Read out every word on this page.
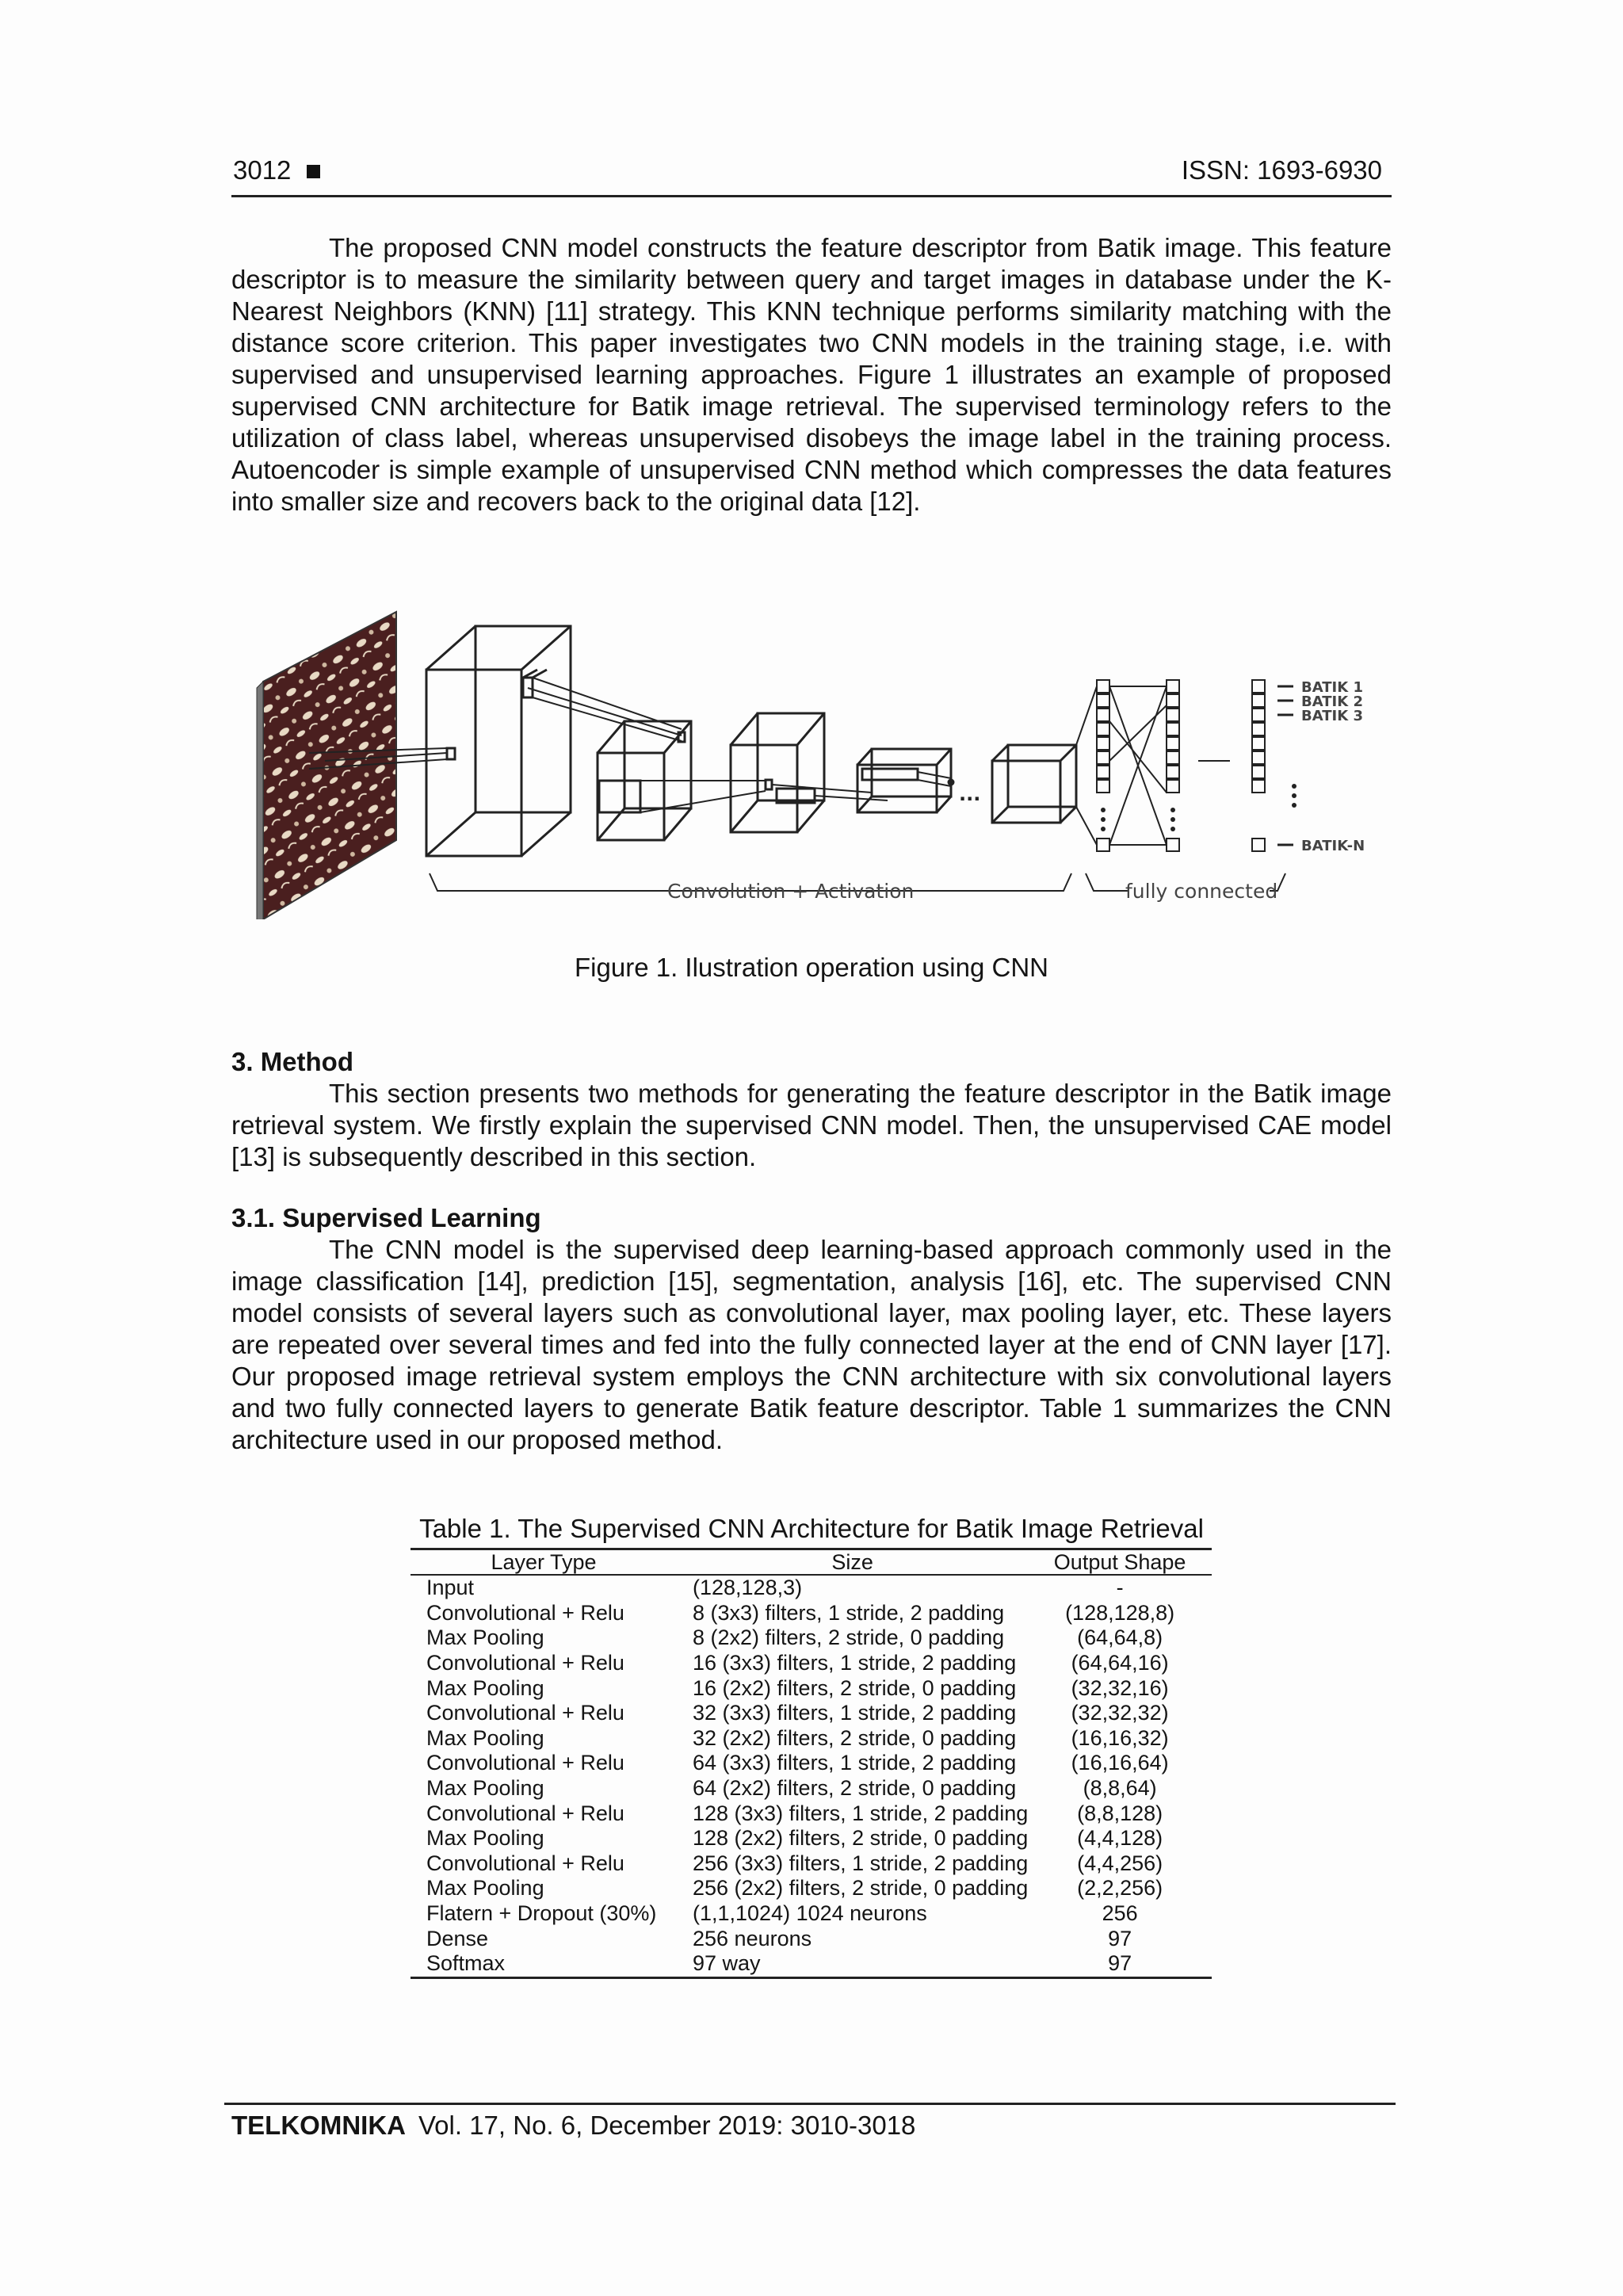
3012	ISSN: 1693-6930

The proposed CNN model constructs the feature descriptor from Batik image. This feature descriptor is to measure the similarity between query and target images in database under the K-Nearest Neighbors (KNN) [11] strategy. This KNN technique performs similarity matching with the distance score criterion. This paper investigates two CNN models in the training stage, i.e. with supervised and unsupervised learning approaches. Figure 1 illustrates an example of proposed supervised CNN architecture for Batik image retrieval. The supervised terminology refers to the utilization of class label, whereas unsupervised disobeys the image label in the training process. Autoencoder is simple example of unsupervised CNN method which compresses the data features into smaller size and recovers back to the original data [12].

...
Convolution + Activation	fully connected
BATIK 1
BATIK 2
BATIK 3
BATIK-N
Figure 1. Ilustration operation using CNN
3. Method

This section presents two methods for generating the feature descriptor in the Batik image retrieval system. We firstly explain the supervised CNN model. Then, the unsupervised CAE model [13] is subsequently described in this section.

3.1. Supervised Learning

The CNN model is the supervised deep learning-based approach commonly used in the image classification [14], prediction [15], segmentation, analysis [16], etc. The supervised CNN model consists of several layers such as convolutional layer, max pooling layer, etc. These layers are repeated over several times and fed into the fully connected layer at the end of CNN layer [17]. Our proposed image retrieval system employs the CNN architecture with six convolutional layers and two fully connected layers to generate Batik feature descriptor. Table 1 summarizes the CNN architecture used in our proposed method.

Table 1. The Supervised CNN Architecture for Batik Image Retrieval
Layer Type	Size	Output Shape
Input	(128,128,3)	-
Convolutional + Relu	8 (3x3) filters, 1 stride, 2 padding	(128,128,8)
Max Pooling	8 (2x2) filters, 2 stride, 0 padding	(64,64,8)
Convolutional + Relu	16 (3x3) filters, 1 stride, 2 padding	(64,64,16)
Max Pooling	16 (2x2) filters, 2 stride, 0 padding	(32,32,16)
Convolutional + Relu	32 (3x3) filters, 1 stride, 2 padding	(32,32,32)
Max Pooling	32 (2x2) filters, 2 stride, 0 padding	(16,16,32)
Convolutional + Relu	64 (3x3) filters, 1 stride, 2 padding	(16,16,64)
Max Pooling	64 (2x2) filters, 2 stride, 0 padding	(8,8,64)
Convolutional + Relu	128 (3x3) filters, 1 stride, 2 padding	(8,8,128)
Max Pooling	128 (2x2) filters, 2 stride, 0 padding	(4,4,128)
Convolutional + Relu	256 (3x3) filters, 1 stride, 2 padding	(4,4,256)
Max Pooling	256 (2x2) filters, 2 stride, 0 padding	(2,2,256)
Flatern + Dropout (30%)	(1,1,1024) 1024 neurons	256
Dense	256 neurons	97
Softmax	97 way	97
TELKOMNIKA Vol. 17, No. 6, December 2019: 3010-3018
